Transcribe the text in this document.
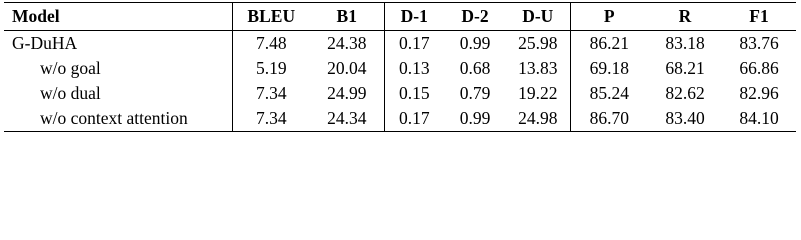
Model	BLEU	B1	D-1	D-2	D-U	P	R	F1
G-DuHA	7.48	24.38	0.17	0.99	25.98	86.21	83.18	83.76
w/o goal	5.19	20.04	0.13	0.68	13.83	69.18	68.21	66.86
w/o dual	7.34	24.99	0.15	0.79	19.22	85.24	82.62	82.96
w/o context attention	7.34	24.34	0.17	0.99	24.98	86.70	83.40	84.10
